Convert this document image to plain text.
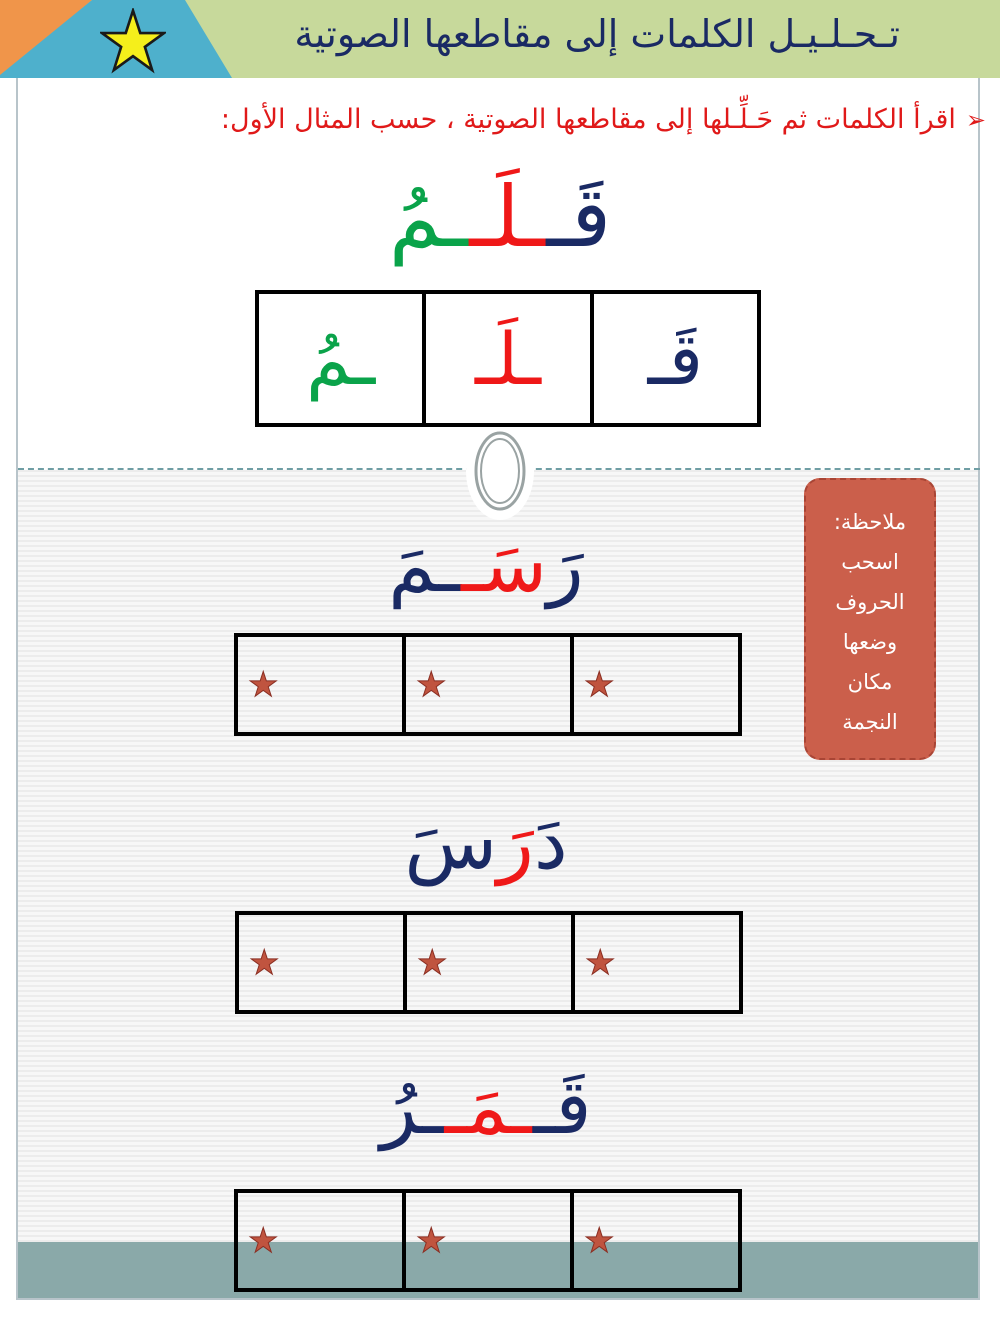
تـحـلـيـل الكلمات إلى مقاطعها الصوتية
➢اقرأ الكلمات ثم حَـلِّـلها إلى مقاطعها الصوتية ، حسب المثال الأول:
قَــلَــمُ
قَـ
ـلَـ
ـمُ
رَسَــمَ
★
★
★
دَرَسَ
★
★
★
قَــمَــرُ
★
★
★
ملاحظة:
اسحب
الحروف
وضعها
مكان
النجمة
